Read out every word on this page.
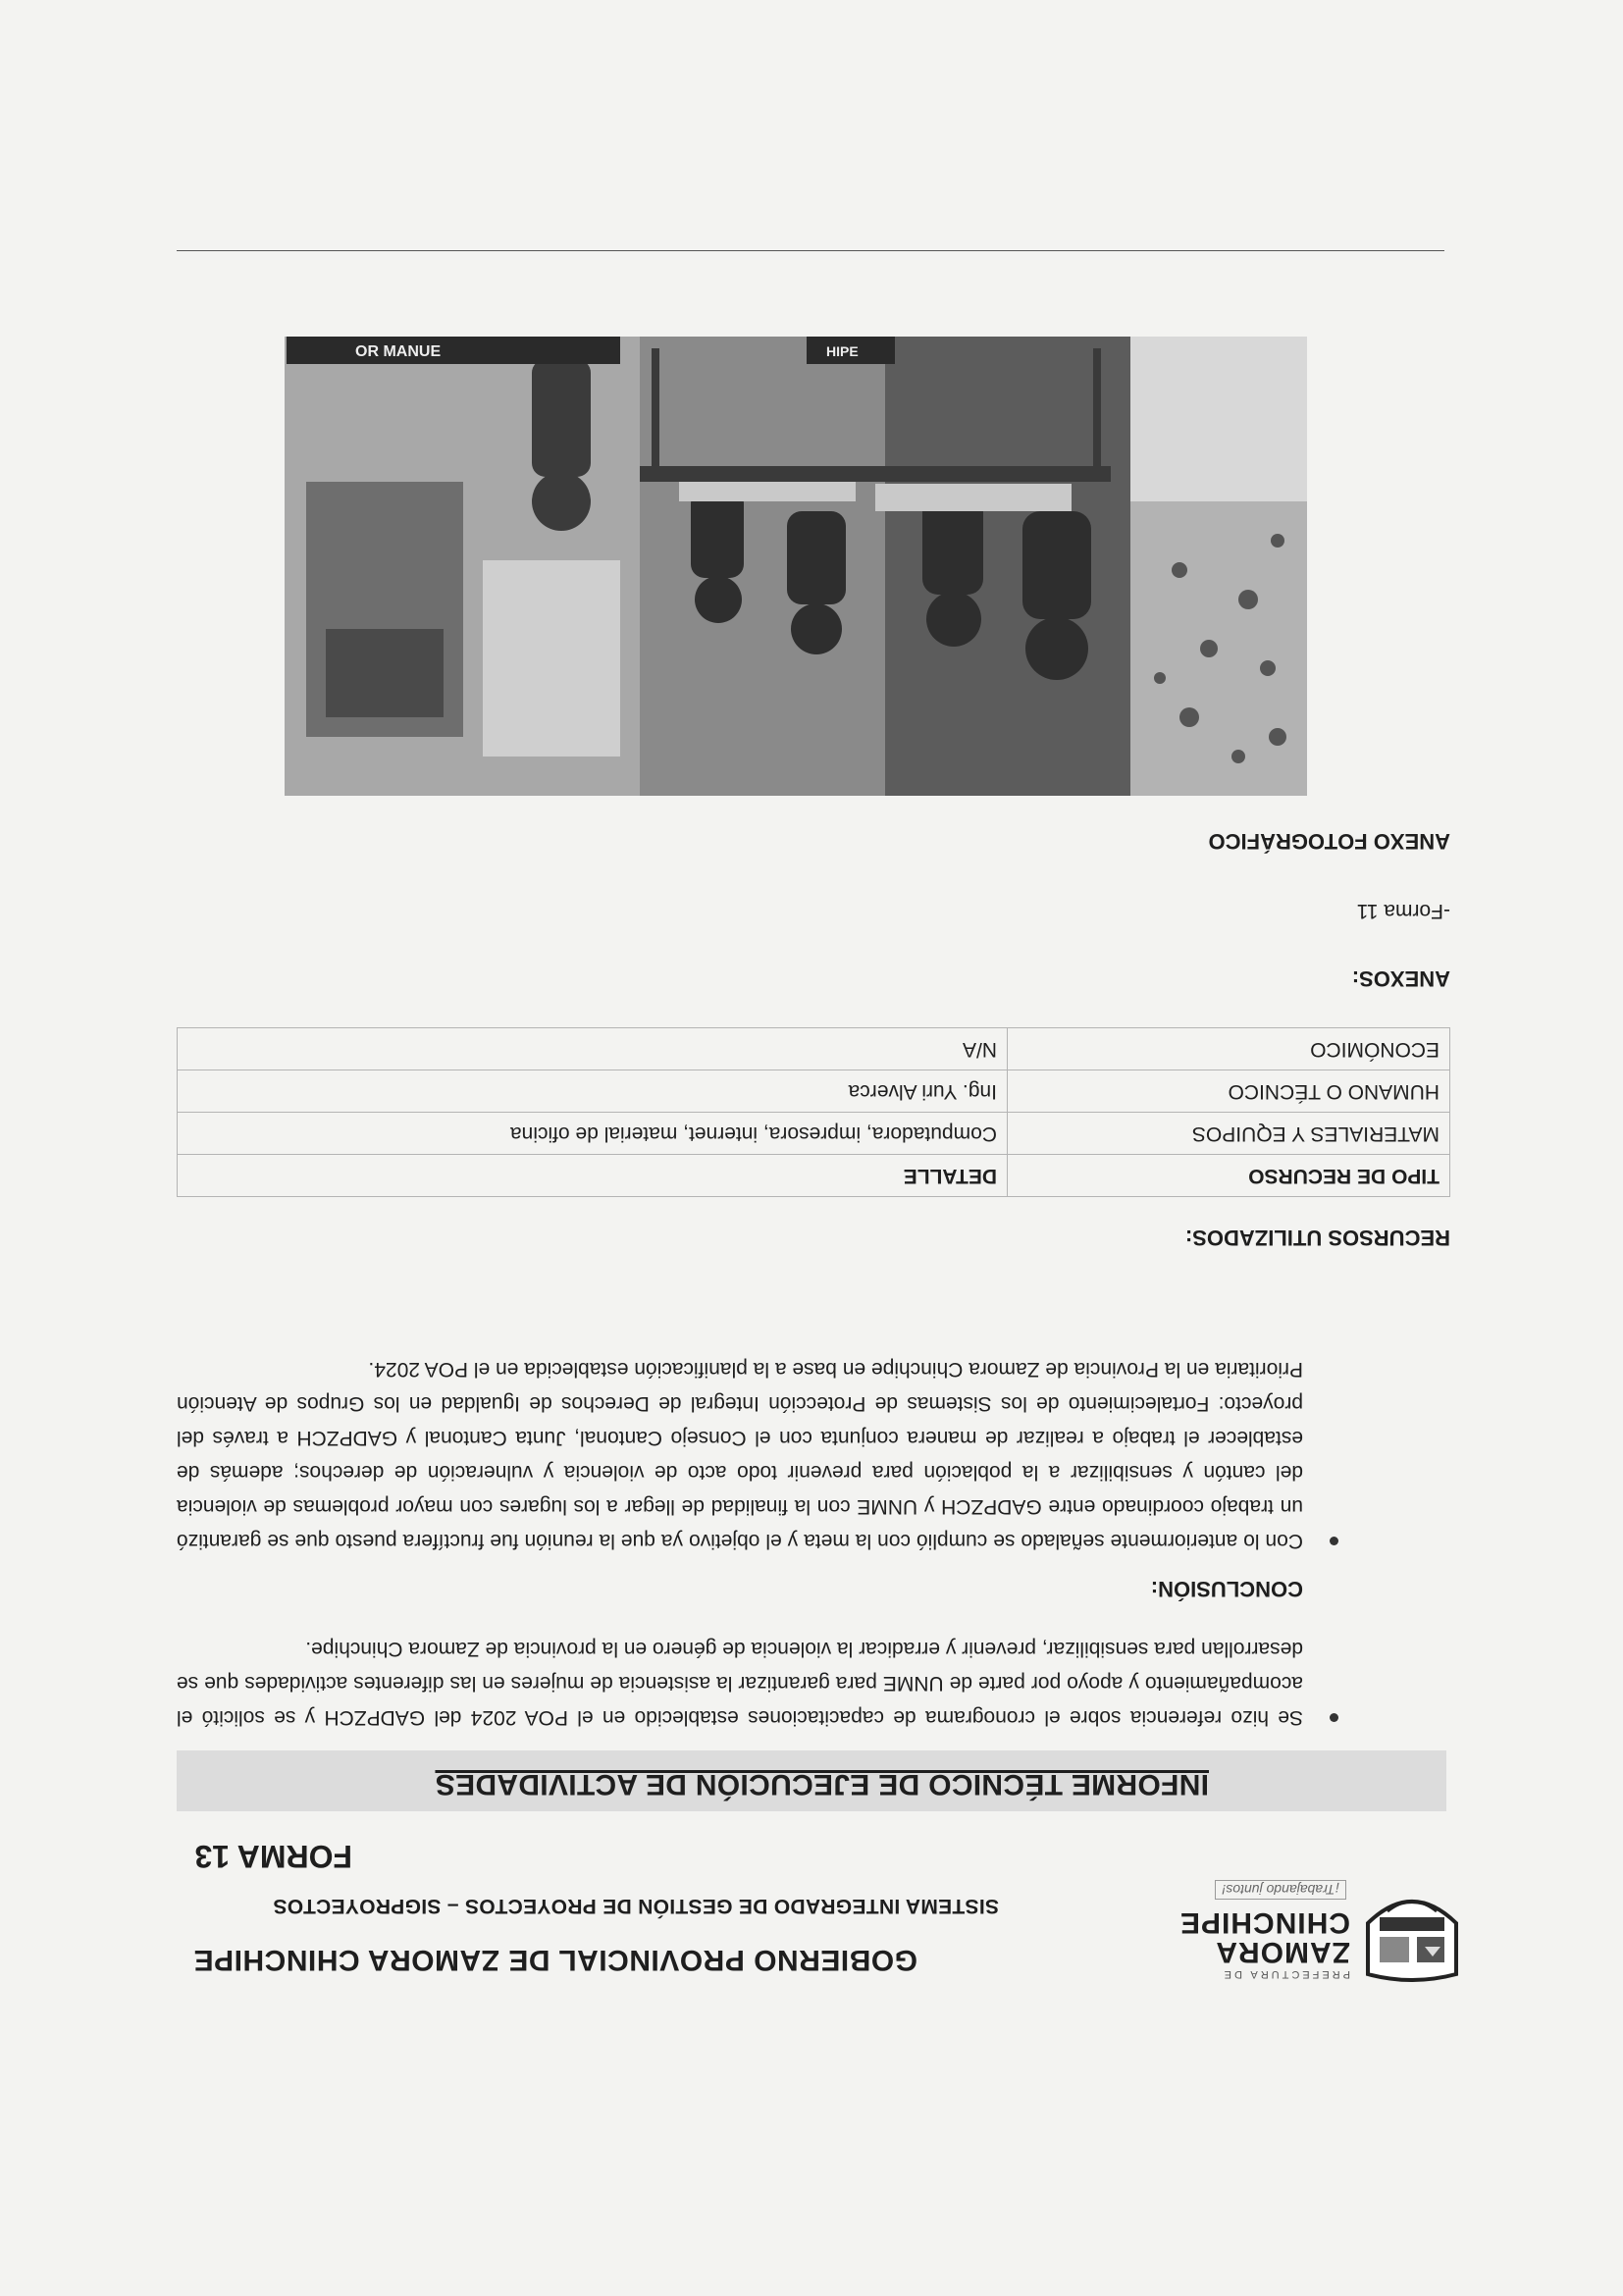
PREFECTURA DE
ZAMORA
CHINCHIPE
¡Trabajando juntos!
GOBIERNO PROVINCIAL DE ZAMORA CHINCHIPE
SISTEMA INTEGRADO DE GESTIÓN DE PROYECTOS – SIGPROYECTOS
FORMA 13
INFORME TÉCNICO DE EJECUCIÓN DE ACTIVIDADES
Se hizo referencia sobre el cronograma de capacitaciones establecido en el POA 2024 del GADPZCH y se solicitó el acompañamiento y apoyo por parte de UNME para garantizar la asistencia de mujeres en las diferentes actividades que se desarrollan para sensibilizar, prevenir y erradicar la violencia de género en la provincia de Zamora Chinchipe.
CONCLUSIÓN:
Con lo anteriormente señalado se cumplió con la meta y el objetivo ya que la reunión fue fructífera puesto que se garantizó un trabajo coordinado entre GADPZCH y UNME con la finalidad de llegar a los lugares con mayor problemas de violencia del cantón y sensibilizar a la población para prevenir todo acto de violencia y vulneración de derechos; además de establecer el trabajo a realizar de manera conjunta con el Consejo Cantonal, Junta Cantonal y GADPZCH a través del proyecto: Fortalecimiento de los Sistemas de Protección Integral de Derechos de Igualdad en los Grupos de Atención Prioritaria en la Provincia de Zamora Chinchipe en base a la planificación establecida en el POA 2024.
RECURSOS UTILIZADOS:
TIPO DE RECURSO	DETALLE
MATERIALES Y EQUIPOS	Computadora, impresora, internet, material de oficina
HUMANO O TÉCNICO	Ing. Yuri Alverca
ECONÓMICO	N/A
ANEXOS:
-Forma 11
ANEXO FOTOGRÁFICO
OR MANUE	HIPE
